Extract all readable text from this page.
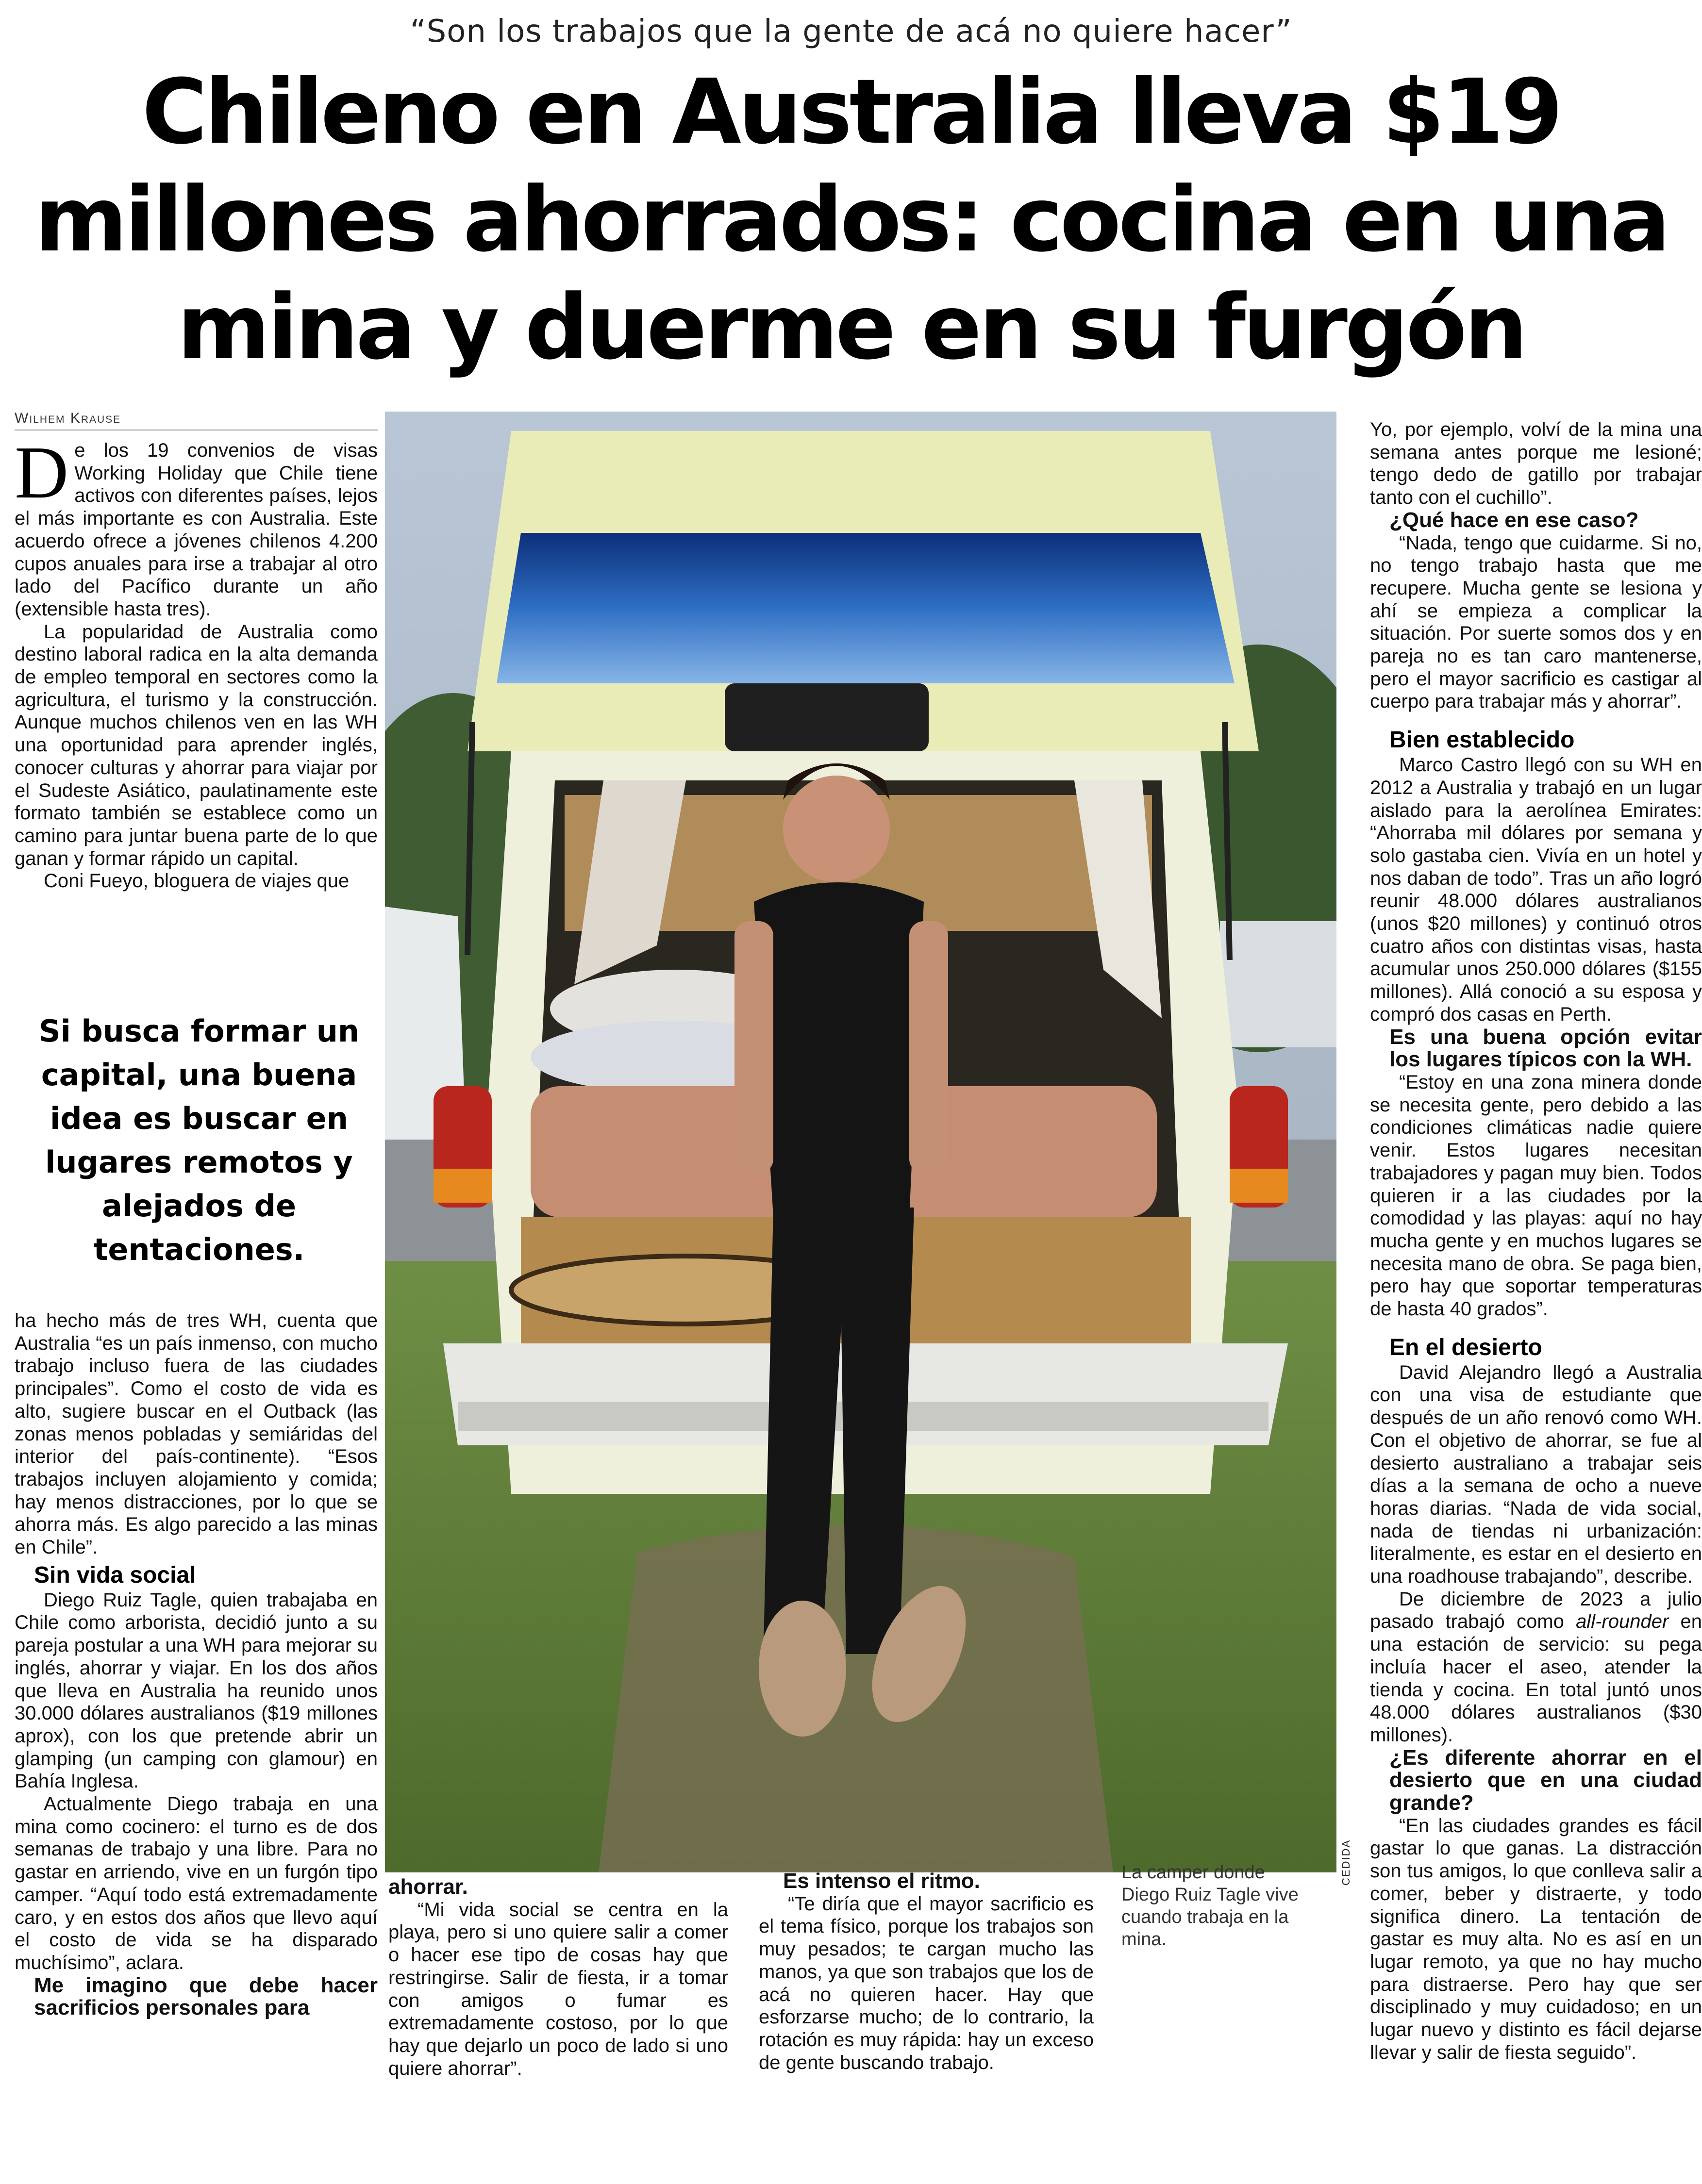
“Son los trabajos que la gente de acá no quiere hacer”
Chileno en Australia lleva $19 millones ahorrados: cocina en una mina y duerme en su furgón
Wilhem Krause
D e los 19 convenios de visas Working Holiday que Chile tiene activos con diferentes países, lejos el más importante es con Australia. Este acuerdo ofrece a jóvenes chilenos 4.200 cupos anuales para irse a trabajar al otro lado del Pacífico durante un año (extensible hasta tres).

La popularidad de Australia como destino laboral radica en la alta demanda de empleo temporal en sectores como la agricultura, el turismo y la construcción. Aunque muchos chilenos ven en las WH una oportunidad para aprender inglés, conocer culturas y ahorrar para viajar por el Sudeste Asiático, paulatinamente este formato también se establece como un camino para juntar buena parte de lo que ganan y formar rápido un capital.

Coni Fueyo, bloguera de viajes que

Si busca formar un capital, una buena idea es buscar en lugares remotos y alejados de tentaciones.

ha hecho más de tres WH, cuenta que Australia “es un país inmenso, con mucho trabajo incluso fuera de las ciudades principales”. Como el costo de vida es alto, sugiere buscar en el Outback (las zonas menos pobladas y semiáridas del interior del país-continente). “Esos trabajos incluyen alojamiento y comida; hay menos distracciones, por lo que se ahorra más. Es algo parecido a las minas en Chile”.

Sin vida social

Diego Ruiz Tagle, quien trabajaba en Chile como arborista, decidió junto a su pareja postular a una WH para mejorar su inglés, ahorrar y viajar. En los dos años que lleva en Australia ha reunido unos 30.000 dólares australianos ($19 millones aprox), con los que pretende abrir un glamping (un camping con glamour) en Bahía Inglesa.

Actualmente Diego trabaja en una mina como cocinero: el turno es de dos semanas de trabajo y una libre. Para no gastar en arriendo, vive en un furgón tipo camper. “Aquí todo está extremadamente caro, y en estos dos años que llevo aquí el costo de vida se ha disparado muchísimo”, aclara.

Me imagino que debe hacer sacrificios personales para

CEDIDA

ahorrar.

“Mi vida social se centra en la playa, pero si uno quiere salir a comer o hacer ese tipo de cosas hay que restringirse. Salir de fiesta, ir a tomar con amigos o fumar es extremadamente costoso, por lo que hay que dejarlo un poco de lado si uno quiere ahorrar”.

Es intenso el ritmo.

“Te diría que el mayor sacrificio es el tema físico, porque los trabajos son muy pesados; te cargan mucho las manos, ya que son trabajos que los de acá no quieren hacer. Hay que esforzarse mucho; de lo contrario, la rotación es muy rápida: hay un exceso de gente buscando trabajo.

La camper donde Diego Ruiz Tagle vive cuando trabaja en la mina.

Yo, por ejemplo, volví de la mina una semana antes porque me lesioné; tengo dedo de gatillo por trabajar tanto con el cuchillo”.

¿Qué hace en ese caso?

“Nada, tengo que cuidarme. Si no, no tengo trabajo hasta que me recupere. Mucha gente se lesiona y ahí se empieza a complicar la situación. Por suerte somos dos y en pareja no es tan caro mantenerse, pero el mayor sacrificio es castigar al cuerpo para trabajar más y ahorrar”.

Bien establecido

Marco Castro llegó con su WH en 2012 a Australia y trabajó en un lugar aislado para la aerolínea Emirates: “Ahorraba mil dólares por semana y solo gastaba cien. Vivía en un hotel y nos daban de todo”. Tras un año logró reunir 48.000 dólares australianos (unos $20 millones) y continuó otros cuatro años con distintas visas, hasta acumular unos 250.000 dólares ($155 millones). Allá conoció a su esposa y compró dos casas en Perth.

Es una buena opción evitar los lugares típicos con la WH.

“Estoy en una zona minera donde se necesita gente, pero debido a las condiciones climáticas nadie quiere venir. Estos lugares necesitan trabajadores y pagan muy bien. Todos quieren ir a las ciudades por la comodidad y las playas: aquí no hay mucha gente y en muchos lugares se necesita mano de obra. Se paga bien, pero hay que soportar temperaturas de hasta 40 grados”.

En el desierto

David Alejandro llegó a Australia con una visa de estudiante que después de un año renovó como WH. Con el objetivo de ahorrar, se fue al desierto australiano a trabajar seis días a la semana de ocho a nueve horas diarias. “Nada de vida social, nada de tiendas ni urbanización: literalmente, es estar en el desierto en una roadhouse trabajando”, describe.

De diciembre de 2023 a julio pasado trabajó como all-rounder en una estación de servicio: su pega incluía hacer el aseo, atender la tienda y cocina. En total juntó unos 48.000 dólares australianos ($30 millones).

¿Es diferente ahorrar en el desierto que en una ciudad grande?

“En las ciudades grandes es fácil gastar lo que ganas. La distracción son tus amigos, lo que conlleva salir a comer, beber y distraerte, y todo significa dinero. La tentación de gastar es muy alta. No es así en un lugar remoto, ya que no hay mucho para distraerse. Pero hay que ser disciplinado y muy cuidadoso; en un lugar nuevo y distinto es fácil dejarse llevar y salir de fiesta seguido”.
